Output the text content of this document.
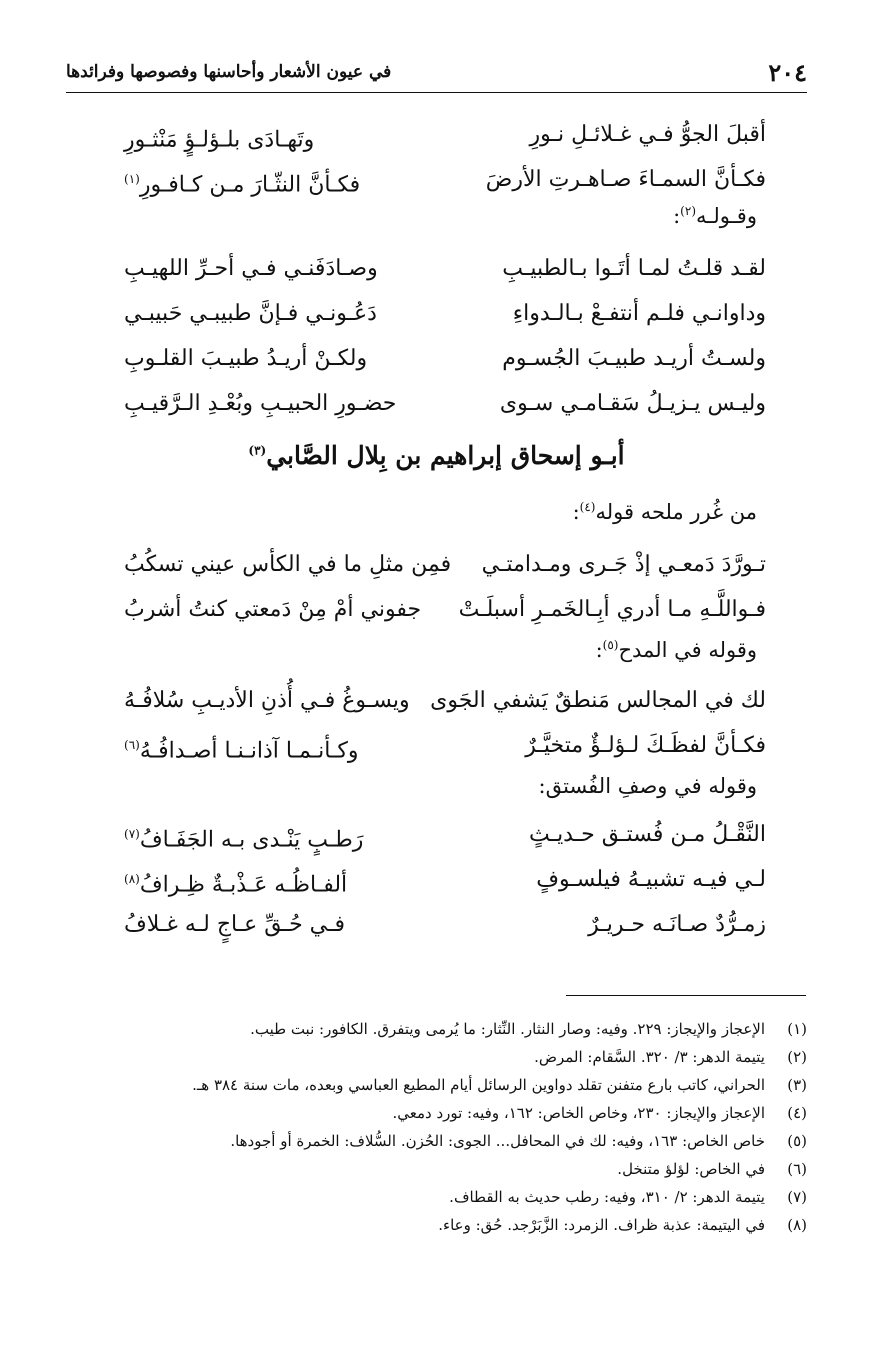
٢٠٤
في عيون الأشعار وأحاسنها وفصوصها وفرائدها
أقبلَ الجوُّ فـي غـلائـلِ نـورِ
وتَهـادَى بلـؤلـؤٍ مَنْثـورِ
فكـأنَّ السمـاءَ صـاهـرتِ الأرضَ
فكـأنَّ النثّـارَ مـن كـافـورِ$^{(١)}$
وقـولـه$^{(٢)}$:
لقـد قلـتُ لمـا أتَـوا بـالطبيـبِ
وصـادَفَنـي فـي أحـرِّ اللهيـبِ
وداوانـي فلـم أنتفـعْ بـالـدواءِ
دَعُـونـي فـإنَّ طبيبـي حَبيبـي
ولسـتُ أريـد طبيـبَ الجُسـوم
ولكـنْ أريـدُ طبيـبَ القلـوبِ
وليـس يـزيـلُ سَقـامـي سـوى
حضـورِ الحبيـبِ وبُعْـدِ الـرَّقيـبِ
أبـو إسحاق إبراهيم بن بِلال الصَّابي$^{(٣)}$
من غُرر ملحه قوله$^{(٤)}$:
تـورَّدَ دَمعـي إذْ جَـرى ومـدامتـي
فمِن مثلِ ما في الكأس عيني تسكُبُ
فـواللَّـهِ مـا أدري أبِـالخَمـرِ أسبلَـتْ
جفوني أمْ مِنْ دَمعتي كنتُ أشربُ
وقوله في المدح$^{(٥)}$:
لك في المجالس مَنطقٌ يَشفي الجَوى
ويسـوغُ فـي أُذنِ الأديـبِ سُلافُـهُ
فكـأنَّ لفظَـكَ لـؤلـؤٌ متخيَّـرٌ
وكـأنـمـا آذانـنـا أصـدافُـهُ$^{(٦)}$
وقوله في وصفِ الفُستق:
النَّقْـلُ مـن فُستـق حـديـثٍ
رَطـبٍ يَنْـدى بـه الجَفَـافُ$^{(٧)}$
لـي فيـه تشبيـهُ فيلسـوفٍ
ألفـاظُـه عَـذْبـةٌ ظِـرافُ$^{(٨)}$
زمـرُّدٌ صـانَـه حـريـرٌ
فـي حُـقِّ عـاجٍ لـه غـلافُ
(١)
الإعجاز والإيجاز: ٢٢٩. وفيه: وصار النثار. النِّثار: ما يُرمى ويتفرق. الكافور: نبت طيب.
(٢)
يتيمة الدهر: ٣/ ٣٢٠. السَّقام: المرض.
(٣)
الحراني، كاتب بارع متفنن تقلد دواوين الرسائل أيام المطيع العباسي وبعده، مات سنة ٣٨٤ هـ.
(٤)
الإعجاز والإيجاز: ٢٣٠، وخاص الخاص: ١٦٢، وفيه: تورد دمعي.
(٥)
خاص الخاص: ١٦٣، وفيه: لك في المحافل... الجوى: الحُزن. السُّلاف: الخمرة أو أجودها.
(٦)
في الخاص: لؤلؤ متنخل.
(٧)
يتيمة الدهر: ٢/ ٣١٠، وفيه: رطب حديث به القطاف.
(٨)
في اليتيمة: عذبة ظراف. الزمرد: الزَّبَرْجد. حُق: وعاء.
